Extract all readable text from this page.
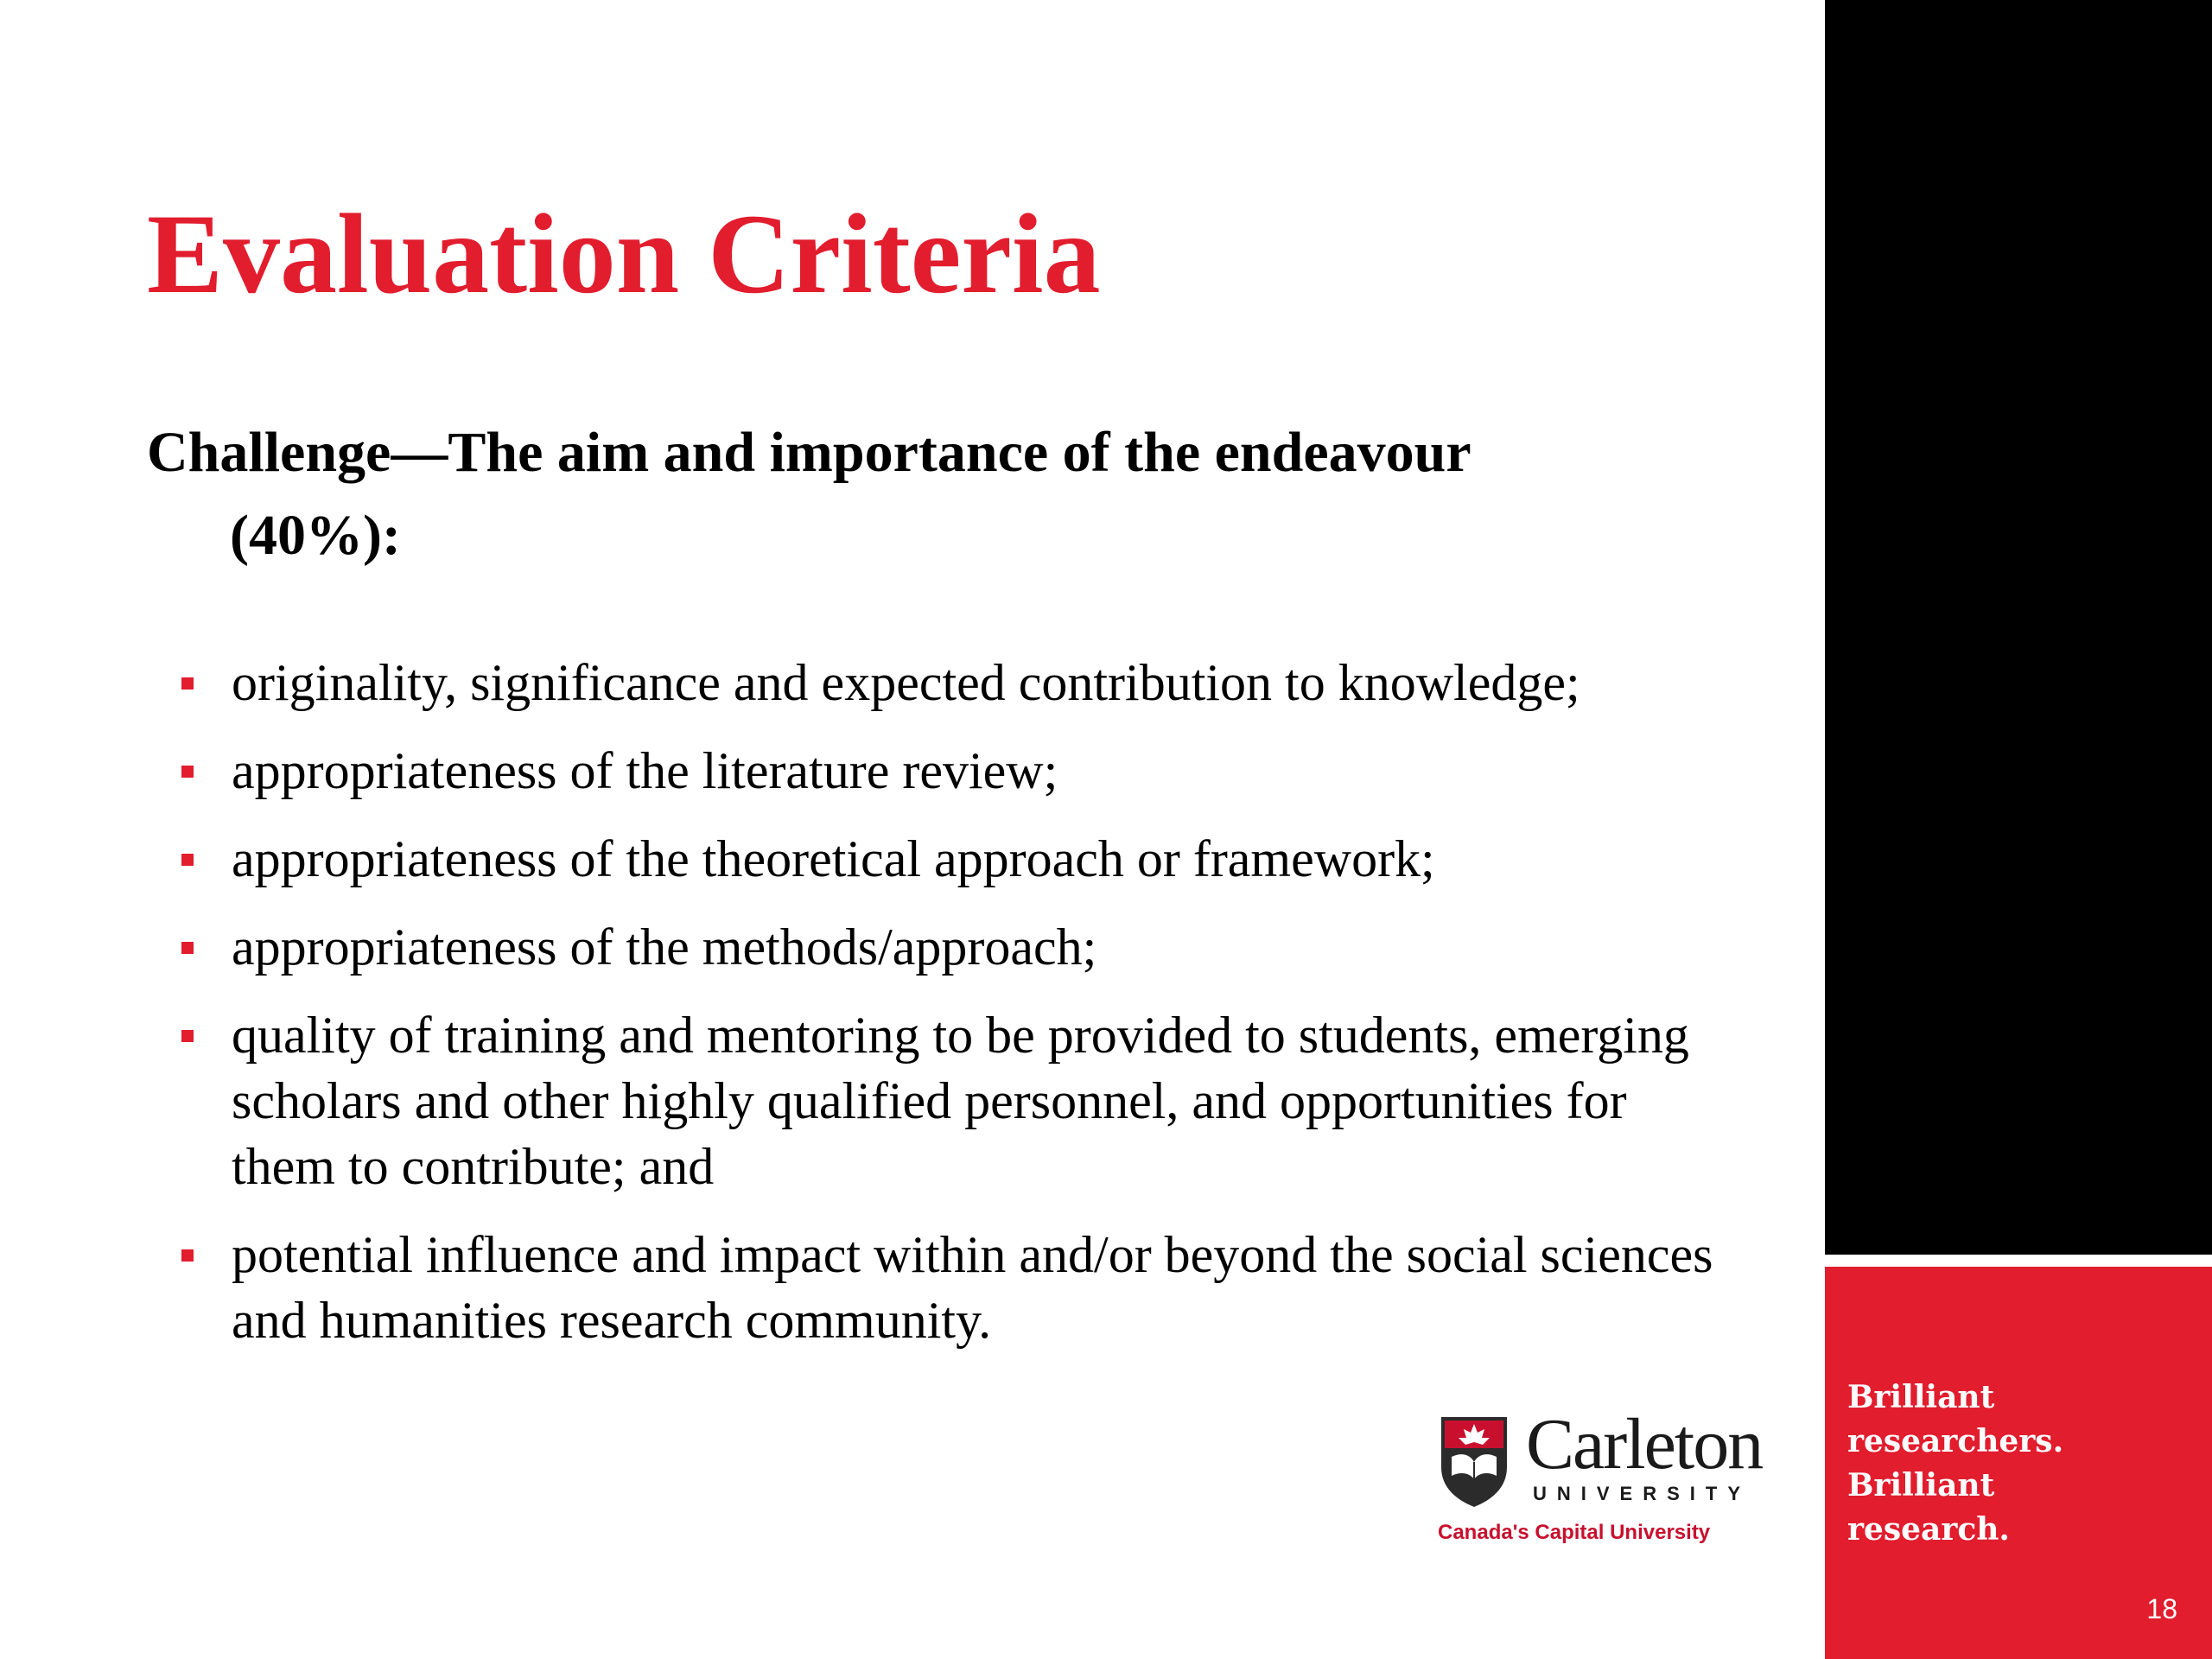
Evaluation Criteria

Challenge—The aim and importance of the endeavour
(40%):

originality, significance and expected contribution to knowledge;
appropriateness of the literature review;
appropriateness of the theoretical approach or framework;
appropriateness of the methods/approach;
quality of training and mentoring to be provided to students, emerging scholars and other highly qualified personnel, and opportunities for them to contribute; and
potential influence and impact within and/or beyond the social sciences and humanities research community.
Carleton
UNIVERSITY
Canada's Capital University

Brilliant
researchers.
Brilliant
research.

18
